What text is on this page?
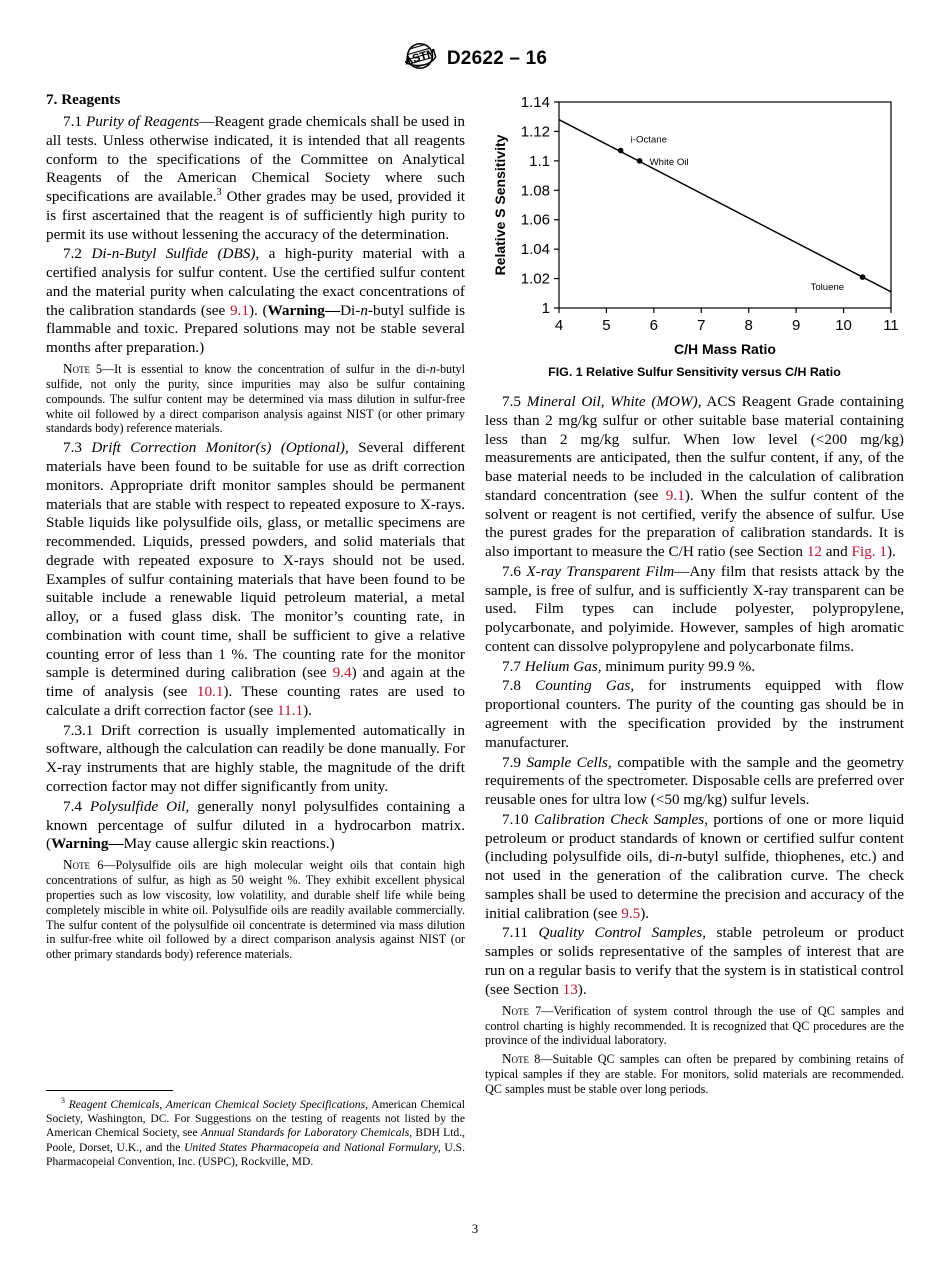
ASTM D2622 – 16
7. Reagents

7.1 Purity of Reagents—Reagent grade chemicals shall be used in all tests. Unless otherwise indicated, it is intended that all reagents conform to the specifications of the Committee on Analytical Reagents of the American Chemical Society where such specifications are available.$^3$ Other grades may be used, provided it is first ascertained that the reagent is of sufficiently high purity to permit its use without lessening the accuracy of the determination.

7.2 Di-n-Butyl Sulfide (DBS), a high-purity material with a certified analysis for sulfur content. Use the certified sulfur content and the material purity when calculating the exact concentrations of the calibration standards (see 9.1). (Warning—Di-n-butyl sulfide is flammable and toxic. Prepared solutions may not be stable several months after preparation.)

Note 5—It is essential to know the concentration of sulfur in the di-n-butyl sulfide, not only the purity, since impurities may also be sulfur containing compounds. The sulfur content may be determined via mass dilution in sulfur-free white oil followed by a direct comparison analysis against NIST (or other primary standards body) reference materials.

7.3 Drift Correction Monitor(s) (Optional), Several different materials have been found to be suitable for use as drift correction monitors. Appropriate drift monitor samples should be permanent materials that are stable with respect to repeated exposure to X-rays. Stable liquids like polysulfide oils, glass, or metallic specimens are recommended. Liquids, pressed powders, and solid materials that degrade with repeated exposure to X-rays should not be used. Examples of sulfur containing materials that have been found to be suitable include a renewable liquid petroleum material, a metal alloy, or a fused glass disk. The monitor’s counting rate, in combination with count time, shall be sufficient to give a relative counting error of less than 1 %. The counting rate for the monitor sample is determined during calibration (see 9.4) and again at the time of analysis (see 10.1). These counting rates are used to calculate a drift correction factor (see 11.1).

7.3.1 Drift correction is usually implemented automatically in software, although the calculation can readily be done manually. For X-ray instruments that are highly stable, the magnitude of the drift correction factor may not differ significantly from unity.

7.4 Polysulfide Oil, generally nonyl polysulfides containing a known percentage of sulfur diluted in a hydrocarbon matrix. (Warning—May cause allergic skin reactions.)

Note 6—Polysulfide oils are high molecular weight oils that contain high concentrations of sulfur, as high as 50 weight %. They exhibit excellent physical properties such as low viscosity, low volatility, and durable shelf life while being completely miscible in white oil. Polysulfide oils are readily available commercially. The sulfur content of the polysulfide oil concentrate is determined via mass dilution in sulfur-free white oil followed by a direct comparison analysis against NIST (or other primary standards body) reference materials.

$^3$ Reagent Chemicals, American Chemical Society Specifications, American Chemical Society, Washington, DC. For Suggestions on the testing of reagents not listed by the American Chemical Society, see Annual Standards for Laboratory Chemicals, BDH Ltd., Poole, Dorset, U.K., and the United States Pharmacopeia and National Formulary, U.S. Pharmacopeial Convention, Inc. (USPC), Rockville, MD.

1
1.02
1.04
1.06
1.08
1.1
1.12
1.14
4	5	6	7	8	9 10 11
i-Octane
White Oil
Toluene
C/H Mass Ratio
Relative S Sensitivity
FIG. 1 Relative Sulfur Sensitivity versus C/H Ratio

7.5 Mineral Oil, White (MOW), ACS Reagent Grade containing less than 2 mg/kg sulfur or other suitable base material containing less than 2 mg/kg sulfur. When low level (<200 mg/kg) measurements are anticipated, then the sulfur content, if any, of the base material needs to be included in the calculation of calibration standard concentration (see 9.1). When the sulfur content of the solvent or reagent is not certified, verify the absence of sulfur. Use the purest grades for the preparation of calibration standards. It is also important to measure the C/H ratio (see Section 12 and Fig. 1).

7.6 X-ray Transparent Film—Any film that resists attack by the sample, is free of sulfur, and is sufficiently X-ray transparent can be used. Film types can include polyester, polypropylene, polycarbonate, and polyimide. However, samples of high aromatic content can dissolve polypropylene and polycarbonate films.

7.7 Helium Gas, minimum purity 99.9 %.

7.8 Counting Gas, for instruments equipped with flow proportional counters. The purity of the counting gas should be in agreement with the specification provided by the instrument manufacturer.

7.9 Sample Cells, compatible with the sample and the geometry requirements of the spectrometer. Disposable cells are preferred over reusable ones for ultra low (<50 mg/kg) sulfur levels.

7.10 Calibration Check Samples, portions of one or more liquid petroleum or product standards of known or certified sulfur content (including polysulfide oils, di-n-butyl sulfide, thiophenes, etc.) and not used in the generation of the calibration curve. The check samples shall be used to determine the precision and accuracy of the initial calibration (see 9.5).

7.11 Quality Control Samples, stable petroleum or product samples or solids representative of the samples of interest that are run on a regular basis to verify that the system is in statistical control (see Section 13).

Note 7—Verification of system control through the use of QC samples and control charting is highly recommended. It is recognized that QC procedures are the province of the individual laboratory.

Note 8—Suitable QC samples can often be prepared by combining retains of typical samples if they are stable. For monitors, solid materials are recommended. QC samples must be stable over long periods.

3
